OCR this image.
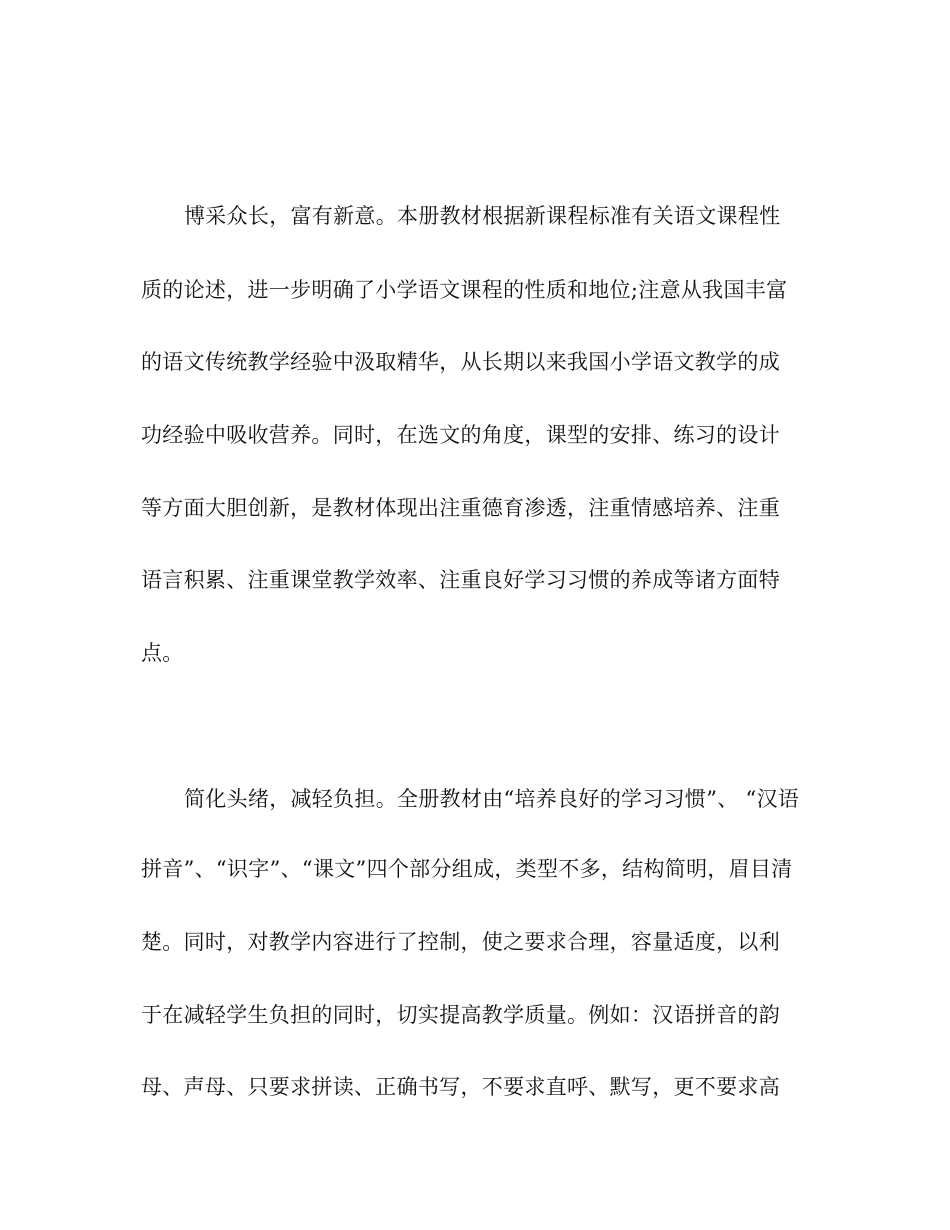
博采众长，富有新意。本册教材根据新课程标准有关语文课程性
质的论述，进一步明确了小学语文课程的性质和地位;注意从我国丰富
的语文传统教学经验中汲取精华，从长期以来我国小学语文教学的成
功经验中吸收营养。同时，在选文的角度，课型的安排、练习的设计
等方面大胆创新，是教材体现出注重德育渗透，注重情感培养、注重
语言积累、注重课堂教学效率、注重良好学习习惯的养成等诸方面特
点。
简化头绪，减轻负担。全册教材由“培养良好的学习习惯”、 “汉语
拼音”、“识字”、“课文”四个部分组成，类型不多，结构简明，眉目清
楚。同时，对教学内容进行了控制，使之要求合理，容量适度，以利
于在减轻学生负担的同时，切实提高教学质量。例如：汉语拼音的韵
母、声母、只要求拼读、正确书写，不要求直呼、默写，更不要求高
